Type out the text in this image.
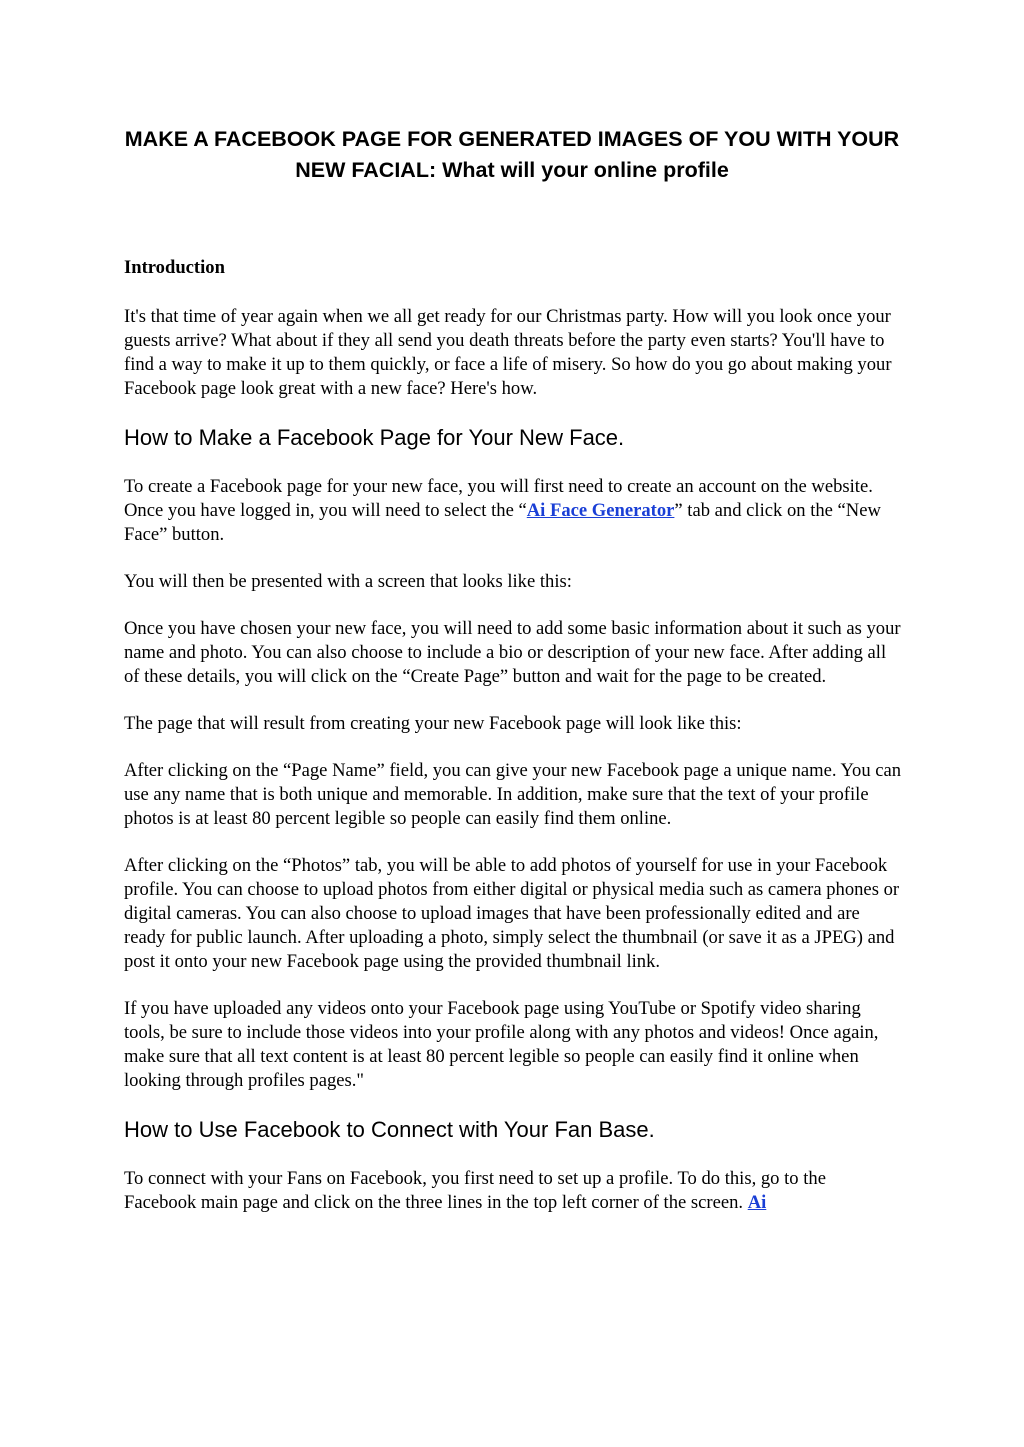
MAKE A FACEBOOK PAGE FOR GENERATED IMAGES OF YOU WITH YOUR NEW FACIAL: What will your online profile

Introduction

It's that time of year again when we all get ready for our Christmas party. How will you look once your guests arrive? What about if they all send you death threats before the party even starts? You'll have to find a way to make it up to them quickly, or face a life of misery. So how do you go about making your Facebook page look great with a new face? Here's how.

How to Make a Facebook Page for Your New Face.

To create a Facebook page for your new face, you will first need to create an account on the website. Once you have logged in, you will need to select the “Ai Face Generator” tab and click on the “New Face” button.

You will then be presented with a screen that looks like this:

Once you have chosen your new face, you will need to add some basic information about it such as your name and photo. You can also choose to include a bio or description of your new face. After adding all of these details, you will click on the “Create Page” button and wait for the page to be created.

The page that will result from creating your new Facebook page will look like this:

After clicking on the “Page Name” field, you can give your new Facebook page a unique name. You can use any name that is both unique and memorable. In addition, make sure that the text of your profile photos is at least 80 percent legible so people can easily find them online.

After clicking on the “Photos” tab, you will be able to add photos of yourself for use in your Facebook profile. You can choose to upload photos from either digital or physical media such as camera phones or digital cameras. You can also choose to upload images that have been professionally edited and are ready for public launch. After uploading a photo, simply select the thumbnail (or save it as a JPEG) and post it onto your new Facebook page using the provided thumbnail link.

If you have uploaded any videos onto your Facebook page using YouTube or Spotify video sharing tools, be sure to include those videos into your profile along with any photos and videos! Once again, make sure that all text content is at least 80 percent legible so people can easily find it online when looking through profiles pages."

How to Use Facebook to Connect with Your Fan Base.

To connect with your Fans on Facebook, you first need to set up a profile. To do this, go to the Facebook main page and click on the three lines in the top left corner of the screen. Ai
